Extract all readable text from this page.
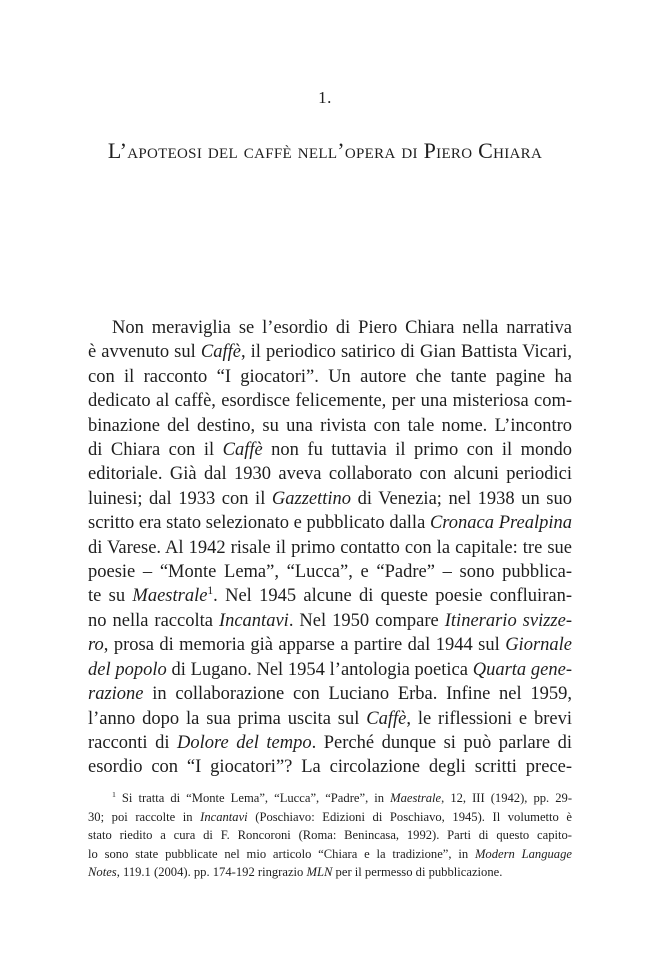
1.
L’apoteosi del caffè nell’opera di Piero Chiara
Non meraviglia se l’esordio di Piero Chiara nella narrativa
è avvenuto sul Caffè, il periodico satirico di Gian Battista Vicari,
con il racconto “I giocatori”. Un autore che tante pagine ha
dedicato al caffè, esordisce felicemente, per una misteriosa com-
binazione del destino, su una rivista con tale nome. L’incontro
di Chiara con il Caffè non fu tuttavia il primo con il mondo
editoriale. Già dal 1930 aveva collaborato con alcuni periodici
luinesi; dal 1933 con il Gazzettino di Venezia; nel 1938 un suo
scritto era stato selezionato e pubblicato dalla Cronaca Prealpina
di Varese. Al 1942 risale il primo contatto con la capitale: tre sue
poesie – “Monte Lema”, “Lucca”, e “Padre” – sono pubblica-
te su Maestrale$^1$. Nel 1945 alcune di queste poesie confluiran-
no nella raccolta Incantavi. Nel 1950 compare Itinerario svizze-
ro, prosa di memoria già apparse a partire dal 1944 sul Giornale
del popolo di Lugano. Nel 1954 l’antologia poetica Quarta gene-
razione in collaborazione con Luciano Erba. Infine nel 1959,
l’anno dopo la sua prima uscita sul Caffè, le riflessioni e brevi
racconti di Dolore del tempo. Perché dunque si può parlare di
esordio con “I giocatori”? La circolazione degli scritti prece-
$^1$ Si tratta di “Monte Lema”, “Lucca”, “Padre”, in Maestrale, 12, III (1942), pp. 29-
30; poi raccolte in Incantavi (Poschiavo: Edizioni di Poschiavo, 1945). Il volumetto è
stato riedito a cura di F. Roncoroni (Roma: Benincasa, 1992). Parti di questo capito-
lo sono state pubblicate nel mio articolo “Chiara e la tradizione”, in Modern Language
Notes, 119.1 (2004). pp. 174-192 ringrazio MLN per il permesso di pubblicazione.
